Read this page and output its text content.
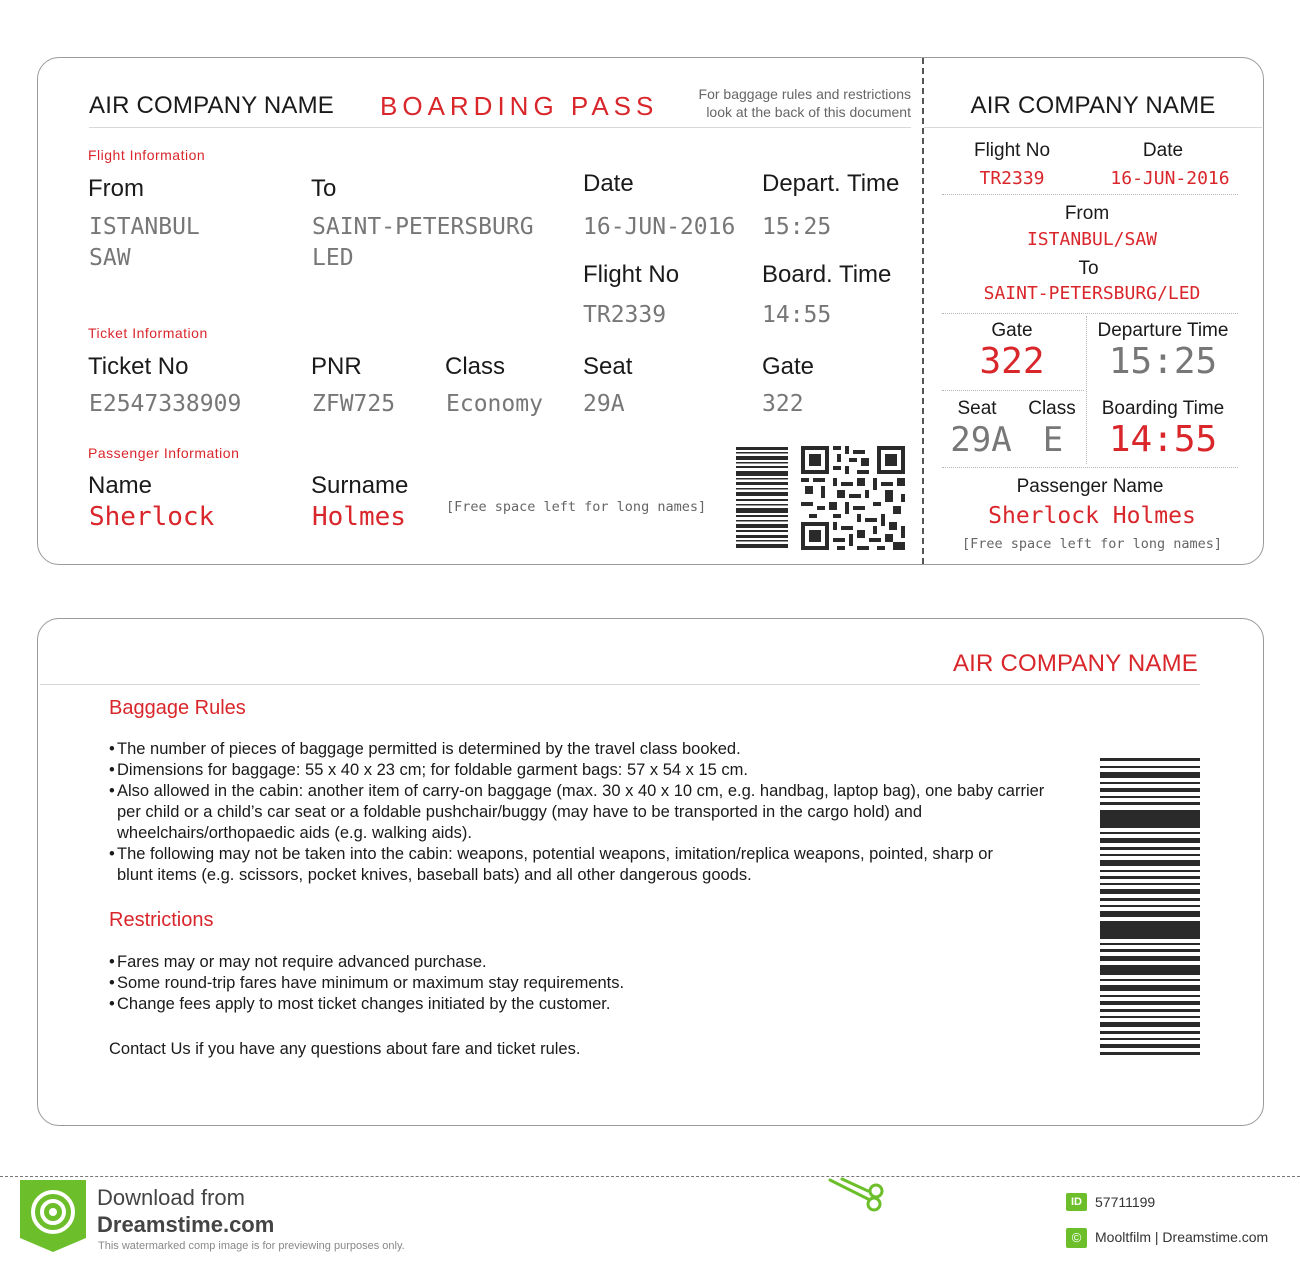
AIR COMPANY NAME BOARDING PASS	For baggage rules and restrictions
look at the back of this document
Flight Information
From
ISTANBUL
SAW
To
SAINT-PETERSBURG
LED
Date
16-JUN-2016
Depart. Time
15:25
Flight No
TR2339
Board. Time
14:55
Ticket Information
Ticket No
E2547338909
PNR
ZFW725
Class
Economy
Seat
29A
Gate
322
Passenger Information
Name
Sherlock
Surname
Holmes	[Free space left for long names]
AIR COMPANY NAME
Flight No
TR2339
Date
16-JUN-2016
From
ISTANBUL/SAW
To
SAINT-PETERSBURG/LED
Gate
322
Departure Time
15:25
Seat
29A
Class
E
Boarding Time
14:55
Passenger Name
Sherlock Holmes
[Free space left for long names]
AIR COMPANY NAME
Baggage Rules
• The number of pieces of baggage permitted is determined by the travel class booked.
• Dimensions for baggage: 55 x 40 x 23 cm; for foldable garment bags: 57 x 54 x 15 cm.
• Also allowed in the cabin: another item of carry-on baggage (max. 30 x 40 x 10 cm, e.g. handbag, laptop bag), one baby carrier
per child or a child’s car seat or a foldable pushchair/buggy (may have to be transported in the cargo hold) and
wheelchairs/orthopaedic aids (e.g. walking aids).
• The following may not be taken into the cabin: weapons, potential weapons, imitation/replica weapons, pointed, sharp or
blunt items (e.g. scissors, pocket knives, baseball bats) and all other dangerous goods.
Restrictions
• Fares may or may not require advanced purchase.
• Some round-trip fares have minimum or maximum stay requirements.
• Change fees apply to most ticket changes initiated by the customer.
Contact Us if you have any questions about fare and ticket rules.
Download from
Dreamstime.com
This watermarked comp image is for previewing purposes only.
ID 57711199
© Mooltfilm | Dreamstime.com
